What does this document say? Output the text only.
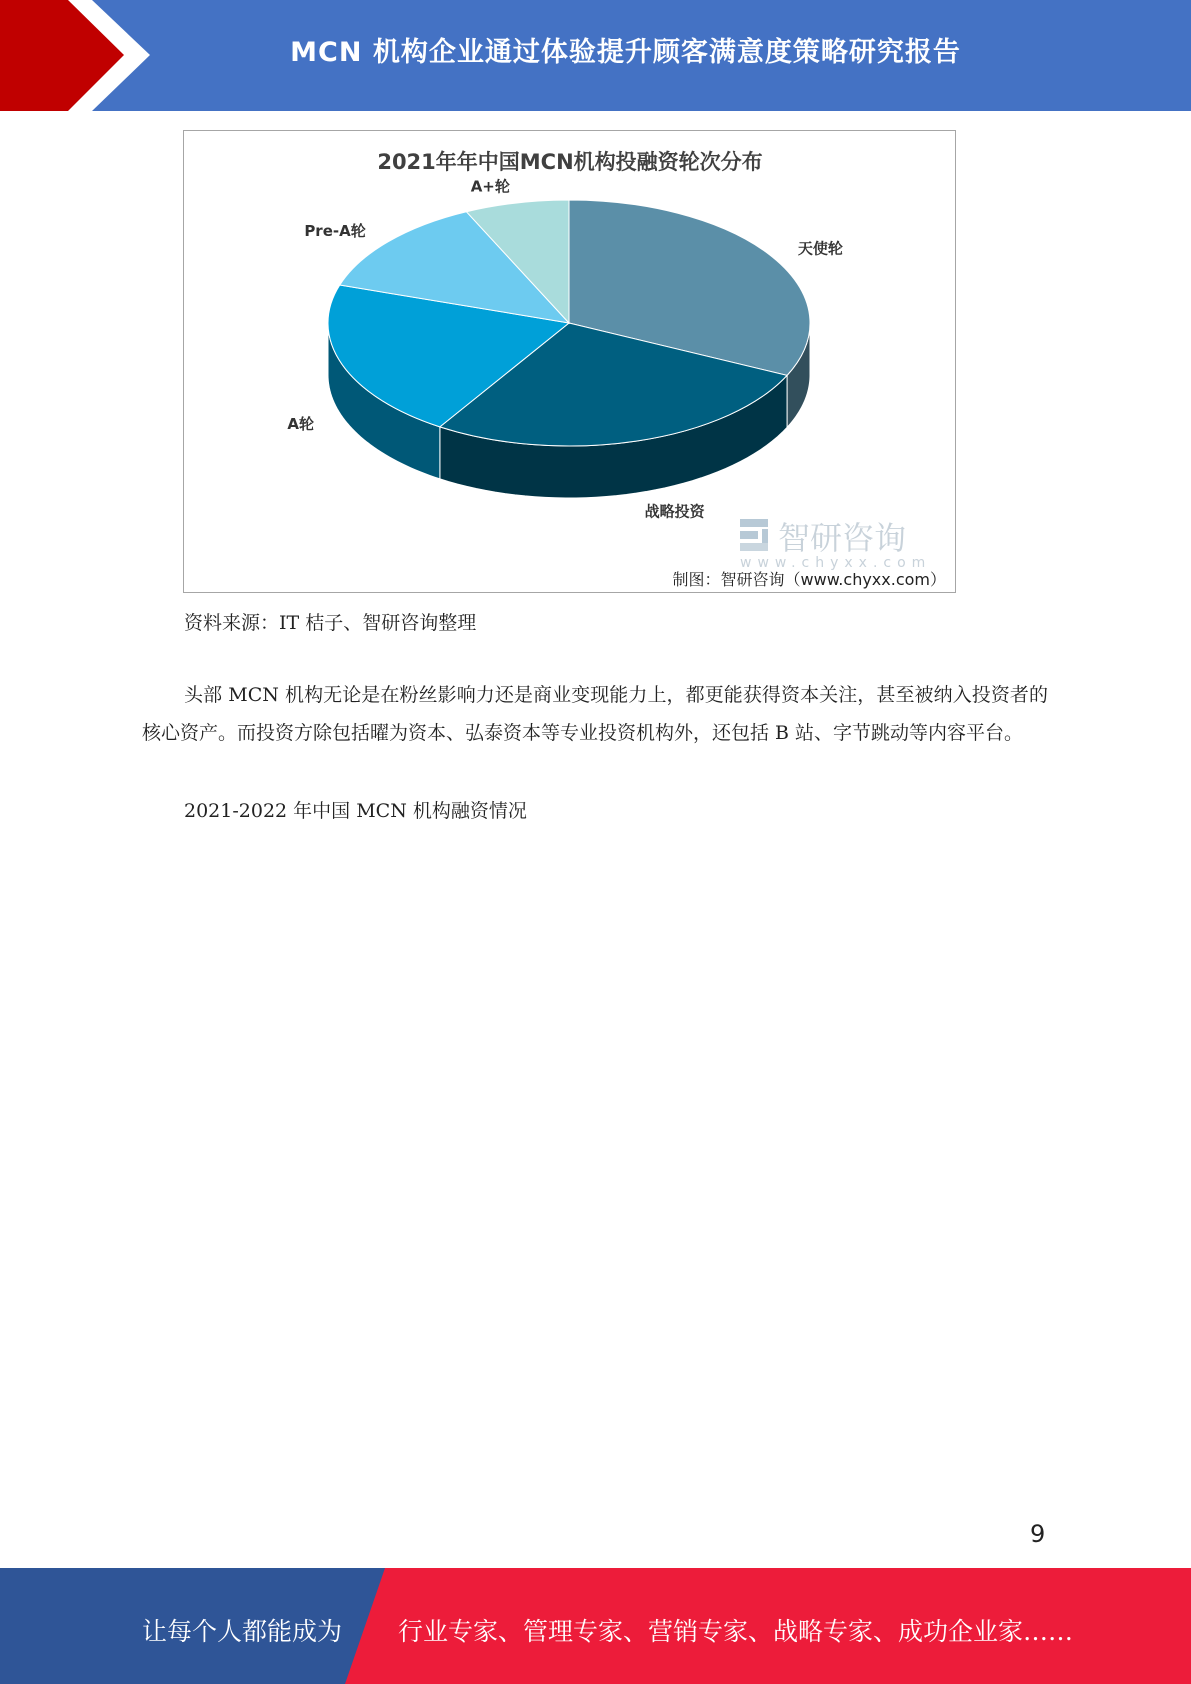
MCN 机构企业通过体验提升顾客满意度策略研究报告
2021年年中国MCN机构投融资轮次分布
天使轮
战略投资
A轮
Pre-A轮
A+轮
智研咨询
www.chyxx.com
制图：智研咨询（www.chyxx.com）
资料来源：IT 桔子、智研咨询整理
头部 MCN 机构无论是在粉丝影响力还是商业变现能力上，都更能获得资本关注，甚至被纳入投资者的核心资产。而投资方除包括曜为资本、弘泰资本等专业投资机构外，还包括 B 站、字节跳动等内容平台。
2021-2022 年中国 MCN 机构融资情况
9
让每个人都能成为 行业专家、管理专家、营销专家、战略专家、成功企业家……
